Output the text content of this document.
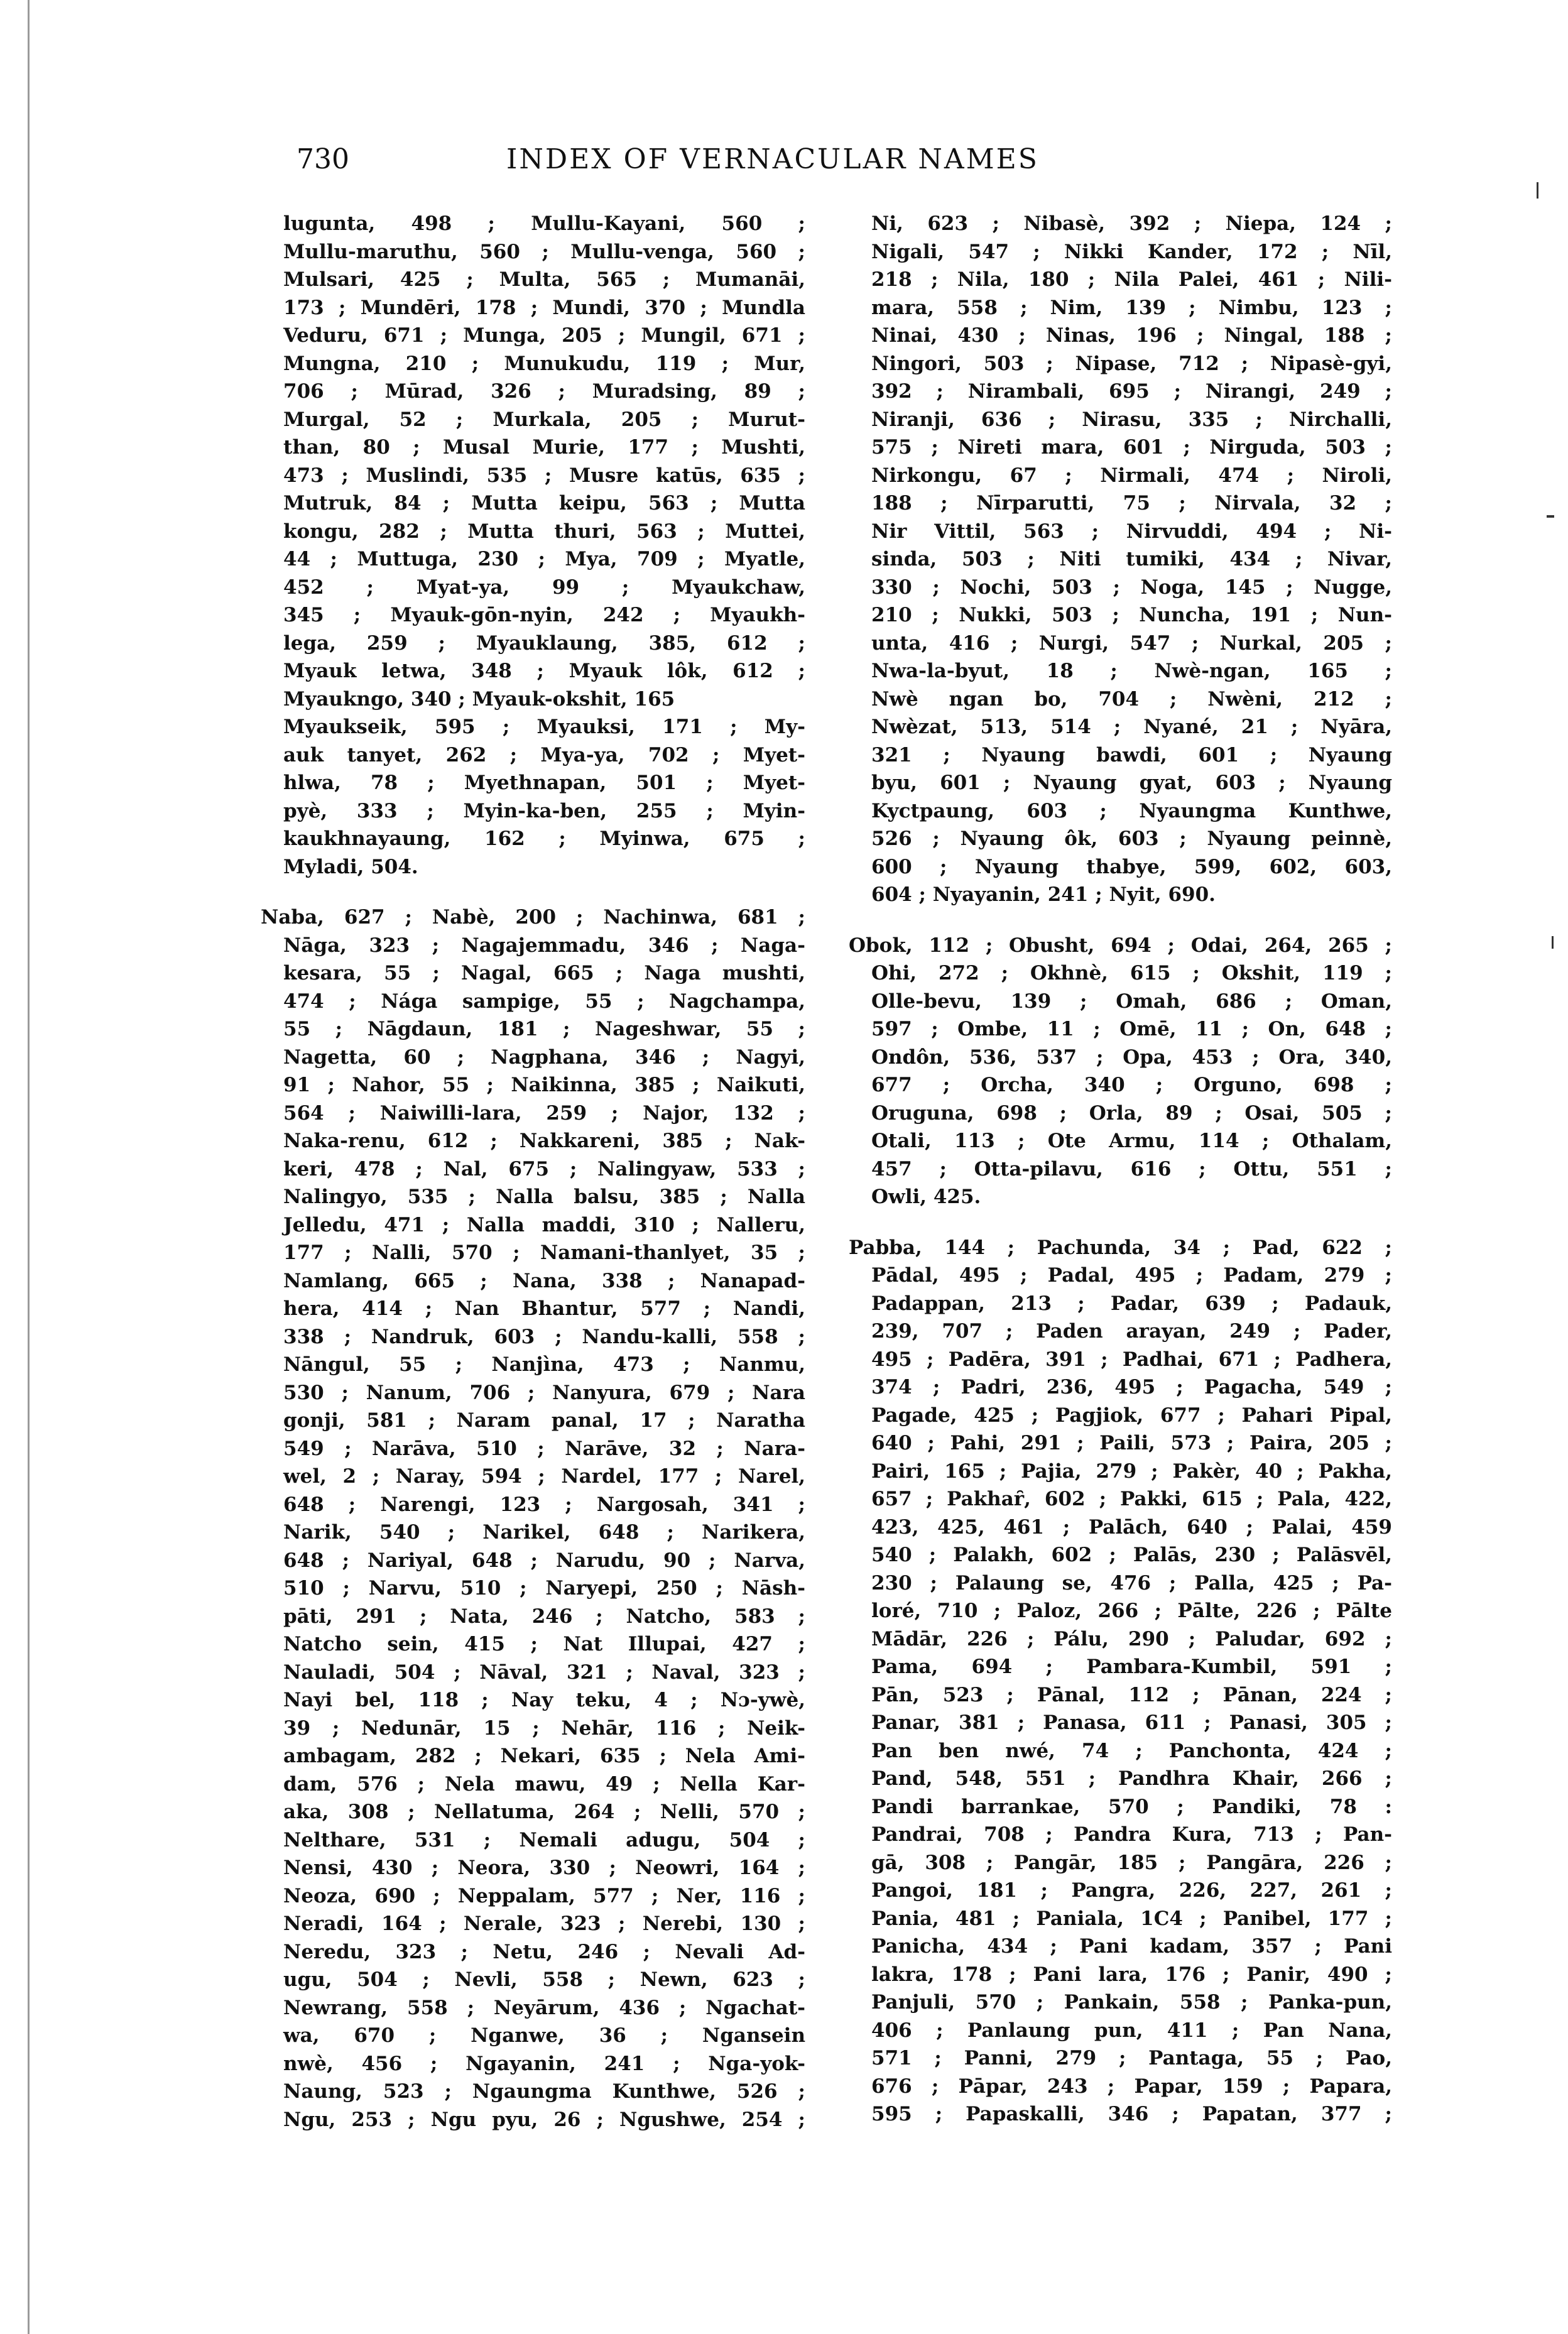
730	INDEX OF VERNACULAR NAMES
lugunta, 498 ; Mullu-Kayani, 560 ;
Mullu-maruthu, 560 ; Mullu-venga, 560 ;
Mulsari, 425 ; Multa, 565 ; Mumanāi,
173 ; Mundēri, 178 ; Mundi, 370 ; Mundla
Veduru, 671 ; Munga, 205 ; Mungil, 671 ;
Mungna, 210 ; Munukudu, 119 ; Mur,
706 ; Mūrad, 326 ; Muradsing, 89 ;
Murgal, 52 ; Murkala, 205 ; Murut-
than, 80 ; Musal Murie, 177 ; Mushti,
473 ; Muslindi, 535 ; Musre katūs, 635 ;
Mutruk, 84 ; Mutta keipu, 563 ; Mutta
kongu, 282 ; Mutta thuri, 563 ; Muttei,
44 ; Muttuga, 230 ; Mya, 709 ; Myatle,
452 ; Myat-ya, 99 ; Myaukchaw,
345 ; Myauk-gōn-nyin, 242 ; Myaukh-
lega, 259 ; Myauklaung, 385, 612 ;
Myauk letwa, 348 ; Myauk lôk, 612 ;
Myaukngo, 340 ; Myauk-okshit, 165
Myaukseik, 595 ; Myauksi, 171 ; My-
auk tanyet, 262 ; Mya-ya, 702 ; Myet-
hlwa, 78 ; Myethnapan, 501 ; Myet-
pyè, 333 ; Myin-ka-ben, 255 ; Myin-
kaukhnayaung, 162 ; Myinwa, 675 ;
Myladi, 504.
Naba, 627 ; Nabè, 200 ; Nachinwa, 681 ;
Nāga, 323 ; Nagajemmadu, 346 ; Naga-
kesara, 55 ; Nagal, 665 ; Naga mushti,
474 ; Nága sampige, 55 ; Nagchampa,
55 ; Nāgdaun, 181 ; Nageshwar, 55 ;
Nagetta, 60 ; Nagphana, 346 ; Nagyi,
91 ; Nahor, 55 ; Naikinna, 385 ; Naikuti,
564 ; Naiwilli-lara, 259 ; Najor, 132 ;
Naka-renu, 612 ; Nakkareni, 385 ; Nak-
keri, 478 ; Nal, 675 ; Nalingyaw, 533 ;
Nalingyo, 535 ; Nalla balsu, 385 ; Nalla
Jelledu, 471 ; Nalla maddi, 310 ; Nalleru,
177 ; Nalli, 570 ; Namani-thanlyet, 35 ;
Namlang, 665 ; Nana, 338 ; Nanapad-
hera, 414 ; Nan Bhantur, 577 ; Nandi,
338 ; Nandruk, 603 ; Nandu-kalli, 558 ;
Nāngul, 55 ; Nanjìna, 473 ; Nanmu,
530 ; Nanum, 706 ; Nanyura, 679 ; Nara
gonji, 581 ; Naram panal, 17 ; Naratha
549 ; Narāva, 510 ; Narāve, 32 ; Nara-
wel, 2 ; Naray, 594 ; Nardel, 177 ; Narel,
648 ; Narengi, 123 ; Nargosah, 341 ;
Narik, 540 ; Narikel, 648 ; Narikera,
648 ; Nariyal, 648 ; Narudu, 90 ; Narva,
510 ; Narvu, 510 ; Naryepi, 250 ; Nāsh-
pāti, 291 ; Nata, 246 ; Natcho, 583 ;
Natcho sein, 415 ; Nat Illupai, 427 ;
Nauladi, 504 ; Nāval, 321 ; Naval, 323 ;
Nayi bel, 118 ; Nay teku, 4 ; Nɔ-ywè,
39 ; Nedunār, 15 ; Nehār, 116 ; Neik-
ambagam, 282 ; Nekari, 635 ; Nela Ami-
dam, 576 ; Nela mawu, 49 ; Nella Kar-
aka, 308 ; Nellatuma, 264 ; Nelli, 570 ;
Nelthare, 531 ; Nemali adugu, 504 ;
Nensi, 430 ; Neora, 330 ; Neowri, 164 ;
Neoza, 690 ; Neppalam, 577 ; Ner, 116 ;
Neradi, 164 ; Nerale, 323 ; Nerebi, 130 ;
Neredu, 323 ; Netu, 246 ; Nevali Ad-
ugu, 504 ; Nevli, 558 ; Newn, 623 ;
Newrang, 558 ; Neyārum, 436 ; Ngachat-
wa, 670 ; Nganwe, 36 ; Ngansein
nwè, 456 ; Ngayanin, 241 ; Nga-yok-
Naung, 523 ; Ngaungma Kunthwe, 526 ;
Ngu, 253 ; Ngu pyu, 26 ; Ngushwe, 254 ;
Ni, 623 ; Nibasè, 392 ; Niepa, 124 ;
Nigali, 547 ; Nikki Kander, 172 ; Nīl,
218 ; Nila, 180 ; Nila Palei, 461 ; Nili-
mara, 558 ; Nim, 139 ; Nimbu, 123 ;
Ninai, 430 ; Ninas, 196 ; Ningal, 188 ;
Ningori, 503 ; Nipase, 712 ; Nipasè-gyi,
392 ; Nirambali, 695 ; Nirangi, 249 ;
Niranji, 636 ; Nirasu, 335 ; Nirchalli,
575 ; Nireti mara, 601 ; Nirguda, 503 ;
Nirkongu, 67 ; Nirmali, 474 ; Niroli,
188 ; Nīrparutti, 75 ; Nirvala, 32 ;
Nir Vittil, 563 ; Nirvuddi, 494 ; Ni-
sinda, 503 ; Niti tumiki, 434 ; Nivar,
330 ; Nochi, 503 ; Noga, 145 ; Nugge,
210 ; Nukki, 503 ; Nuncha, 191 ; Nun-
unta, 416 ; Nurgi, 547 ; Nurkal, 205 ;
Nwa-la-byut, 18 ; Nwè-ngan, 165 ;
Nwè ngan bo, 704 ; Nwèni, 212 ;
Nwèzat, 513, 514 ; Nyané, 21 ; Nyāra,
321 ; Nyaung bawdi, 601 ; Nyaung
byu, 601 ; Nyaung gyat, 603 ; Nyaung
Kyctpaung, 603 ; Nyaungma Kunthwe,
526 ; Nyaung ôk, 603 ; Nyaung peinnè,
600 ; Nyaung thabye, 599, 602, 603,
604 ; Nyayanin, 241 ; Nyit, 690.
Obok, 112 ; Obusht, 694 ; Odai, 264, 265 ;
Ohi, 272 ; Okhnè, 615 ; Okshit, 119 ;
Olle-bevu, 139 ; Omah, 686 ; Oman,
597 ; Ombe, 11 ; Omē, 11 ; On, 648 ;
Ondôn, 536, 537 ; Opa, 453 ; Ora, 340,
677 ; Orcha, 340 ; Orguno, 698 ;
Oruguna, 698 ; Orla, 89 ; Osai, 505 ;
Otali, 113 ; Ote Armu, 114 ; Othalam,
457 ; Otta-pilavu, 616 ; Ottu, 551 ;
Owli, 425.
Pabba, 144 ; Pachunda, 34 ; Pad, 622 ;
Pādal, 495 ; Padal, 495 ; Padam, 279 ;
Padappan, 213 ; Padar, 639 ; Padauk,
239, 707 ; Paden arayan, 249 ; Pader,
495 ; Padēra, 391 ; Padhai, 671 ; Padhera,
374 ; Padri, 236, 495 ; Pagacha, 549 ;
Pagade, 425 ; Pagjiok, 677 ; Pahari Pipal,
640 ; Pahi, 291 ; Paili, 573 ; Paira, 205 ;
Pairi, 165 ; Pajia, 279 ; Pakèr, 40 ; Pakha,
657 ; Pakhaȓ, 602 ; Pakki, 615 ; Pala, 422,
423, 425, 461 ; Palāch, 640 ; Palai, 459
540 ; Palakh, 602 ; Palās, 230 ; Palāsvēl,
230 ; Palaung se, 476 ; Palla, 425 ; Pa-
loré, 710 ; Paloz, 266 ; Pālte, 226 ; Pālte
Mādār, 226 ; Pálu, 290 ; Paludar, 692 ;
Pama, 694 ; Pambara-Kumbil, 591 ;
Pān, 523 ; Pānal, 112 ; Pānan, 224 ;
Panar, 381 ; Panasa, 611 ; Panasi, 305 ;
Pan ben nwé, 74 ; Panchonta, 424 ;
Pand, 548, 551 ; Pandhra Khair, 266 ;
Pandi barrankae, 570 ; Pandiki, 78 :
Pandrai, 708 ; Pandra Kura, 713 ; Pan-
gā, 308 ; Pangār, 185 ; Pangāra, 226 ;
Pangoi, 181 ; Pangra, 226, 227, 261 ;
Pania, 481 ; Paniala, 1C4 ; Panibel, 177 ;
Panicha, 434 ; Pani kadam, 357 ; Pani
lakra, 178 ; Pani lara, 176 ; Panir, 490 ;
Panjuli, 570 ; Pankain, 558 ; Panka-pun,
406 ; Panlaung pun, 411 ; Pan Nana,
571 ; Panni, 279 ; Pantaga, 55 ; Pao,
676 ; Pāpar, 243 ; Papar, 159 ; Papara,
595 ; Papaskalli, 346 ; Papatan, 377 ;
